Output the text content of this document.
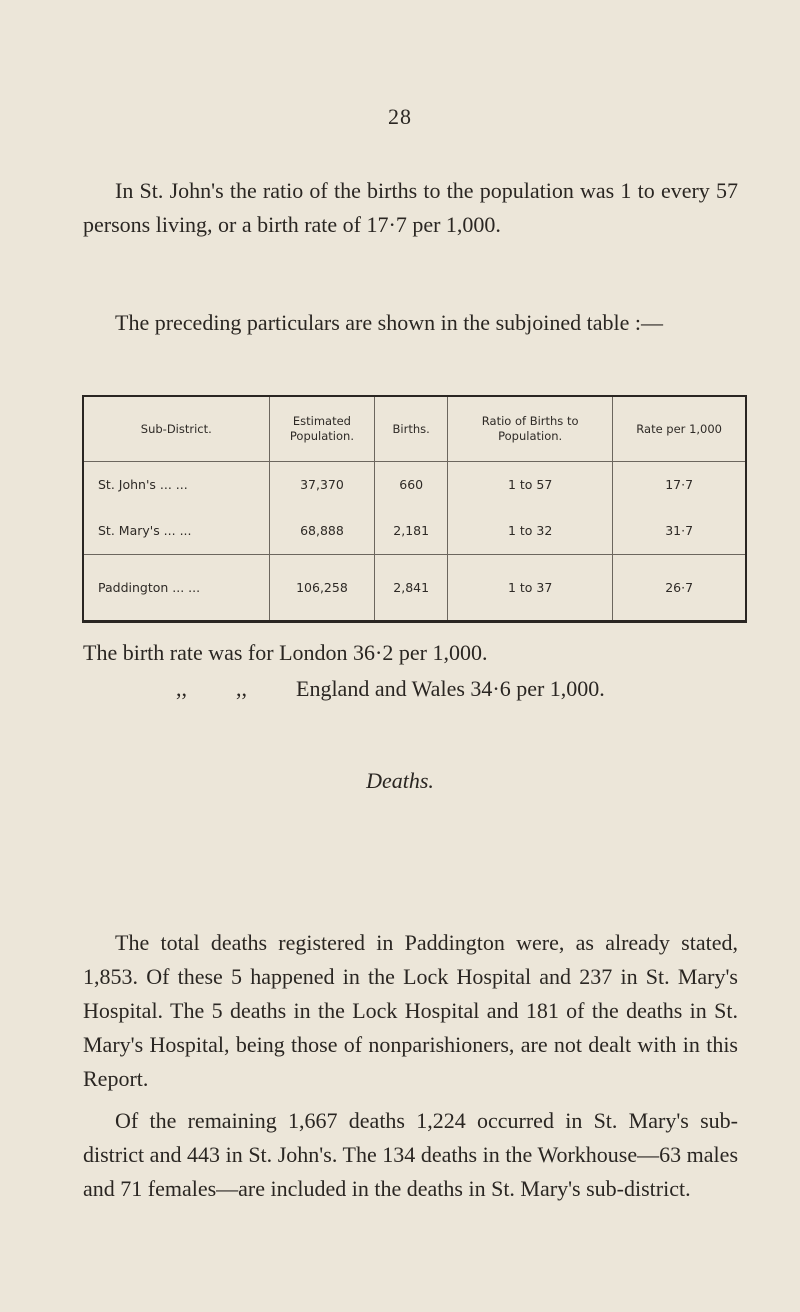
28

In St. John's the ratio of the births to the population was 1 to every 57 persons living, or a birth rate of 17·7 per 1,000.

The preceding particulars are shown in the subjoined table :—

Sub-District.	Estimated Population.	Births.	Ratio of Births to Population.	Rate per 1,000
St. John's ... ...	37,370	660	1 to 57	17·7
St. Mary's ... ...	68,888	2,181	1 to 32	31·7
Paddington ... ...	106,258	2,841	1 to 37	26·7
The birth rate was for London 36·2 per 1,000.
,, ,, England and Wales 34·6 per 1,000.
Deaths.

The total deaths registered in Paddington were, as already stated, 1,853. Of these 5 happened in the Lock Hospital and 237 in St. Mary's Hospital. The 5 deaths in the Lock Hospital and 181 of the deaths in St. Mary's Hospital, being those of nonparishioners, are not dealt with in this Report.

Of the remaining 1,667 deaths 1,224 occurred in St. Mary's sub-district and 443 in St. John's. The 134 deaths in the Workhouse—63 males and 71 females—are included in the deaths in St. Mary's sub-district.
